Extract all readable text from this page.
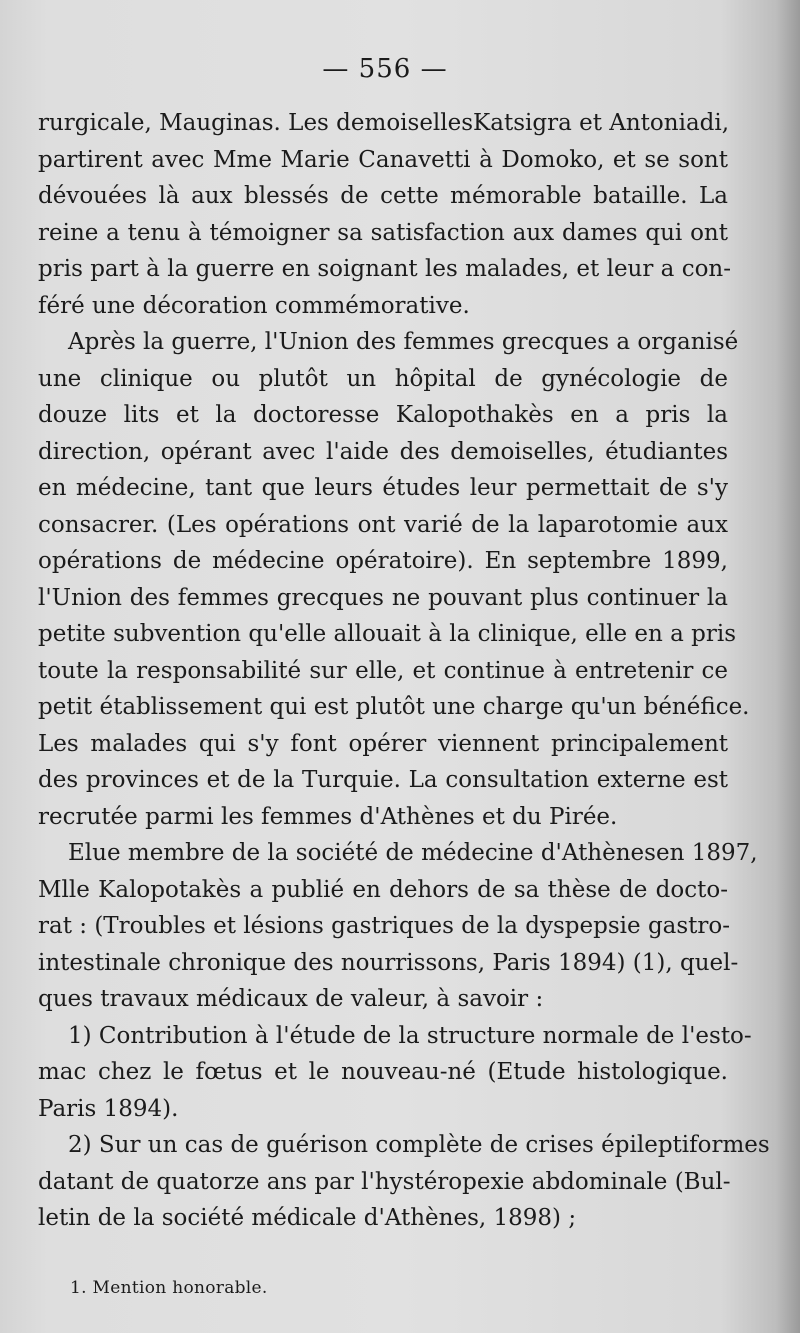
— 556 —
rurgicale, Mauginas. Les demoisellesKatsigra et Antoniadi,
partirent avec Mme Marie Canavetti à Domoko, et se sont
dévouées là aux blessés de cette mémorable bataille. La
reine a tenu à témoigner sa satisfaction aux dames qui ont
pris part à la guerre en soignant les malades, et leur a con-
féré une décoration commémorative.
Après la guerre, l'Union des femmes grecques a organisé
une clinique ou plutôt un hôpital de gynécologie de
douze lits et la doctoresse Kalopothakès en a pris la
direction, opérant avec l'aide des demoiselles, étudiantes
en médecine, tant que leurs études leur permettait de s'y
consacrer. (Les opérations ont varié de la laparotomie aux
opérations de médecine opératoire). En septembre 1899,
l'Union des femmes grecques ne pouvant plus continuer la
petite subvention qu'elle allouait à la clinique, elle en a pris
toute la responsabilité sur elle, et continue à entretenir ce
petit établissement qui est plutôt une charge qu'un bénéfice.
Les malades qui s'y font opérer viennent principalement
des provinces et de la Turquie. La consultation externe est
recrutée parmi les femmes d'Athènes et du Pirée.
Elue membre de la société de médecine d'Athènesen 1897,
Mlle Kalopotakès a publié en dehors de sa thèse de docto-
rat : (Troubles et lésions gastriques de la dyspepsie gastro-
intestinale chronique des nourrissons, Paris 1894) (1), quel-
ques travaux médicaux de valeur, à savoir :
1) Contribution à l'étude de la structure normale de l'esto-
mac chez le fœtus et le nouveau-né (Etude histologique.
Paris 1894).
2) Sur un cas de guérison complète de crises épileptiformes
datant de quatorze ans par l'hystéropexie abdominale (Bul-
letin de la société médicale d'Athènes, 1898) ;
1. Mention honorable.
